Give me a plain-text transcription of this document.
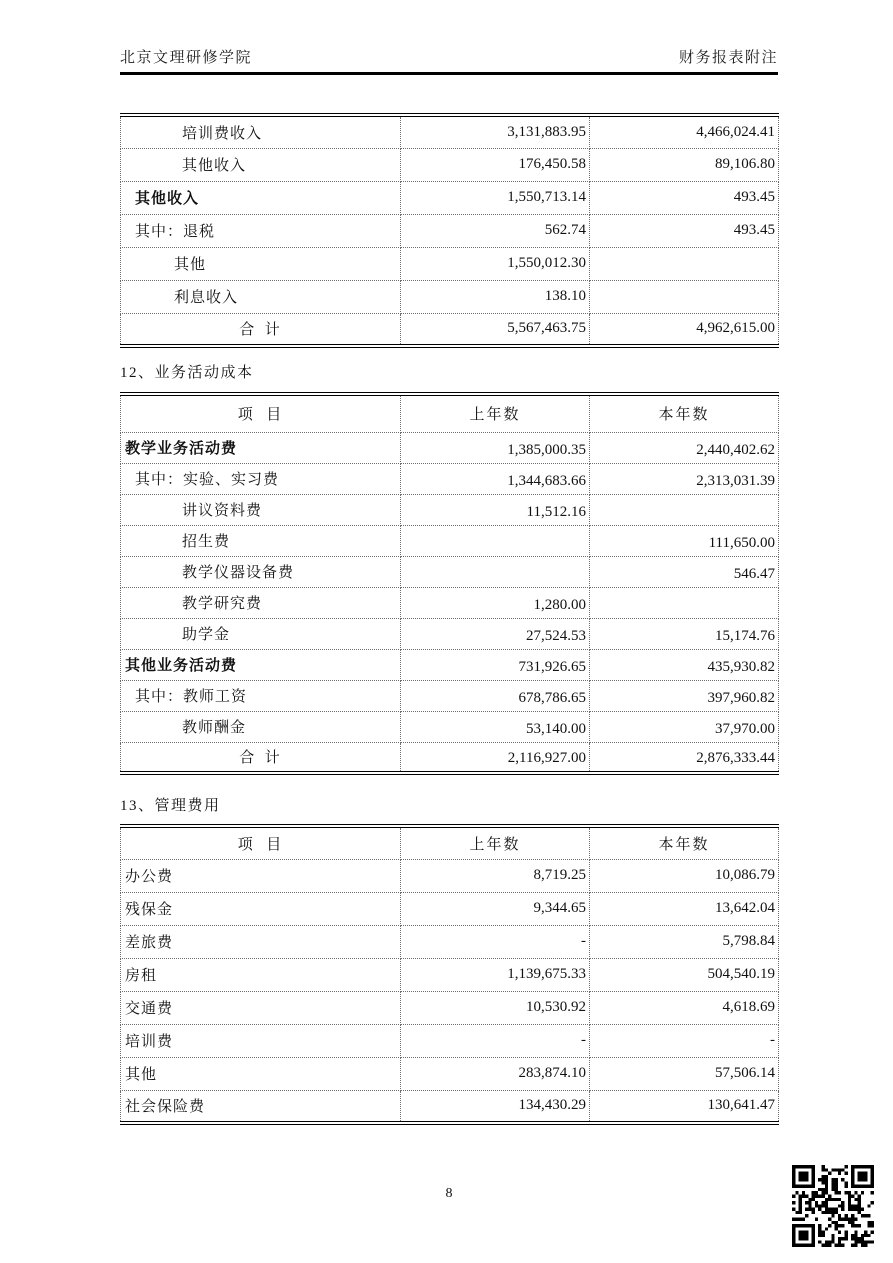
北京文理研修学院	财务报表附注
培训费收入	3,131,883.95	4,466,024.41
其他收入	176,450.58	89,106.80
其他收入	1,550,713.14	493.45
其中：退税	562.74	493.45
其他	1,550,012.30	
利息收入	138.10	
合  计	5,567,463.75	4,962,615.00
12、业务活动成本
项  目	上年数	本年数
教学业务活动费	1,385,000.35	2,440,402.62
其中：实验、实习费	1,344,683.66	2,313,031.39
讲议资料费	11,512.16	
招生费		111,650.00
教学仪器设备费		546.47
教学研究费	1,280.00	
助学金	27,524.53	15,174.76
其他业务活动费	731,926.65	435,930.82
其中：教师工资	678,786.65	397,960.82
教师酬金	53,140.00	37,970.00
合  计	2,116,927.00	2,876,333.44
13、管理费用
项  目	上年数	本年数
办公费	8,719.25	10,086.79
残保金	9,344.65	13,642.04
差旅费	-	5,798.84
房租	1,139,675.33	504,540.19
交通费	10,530.92	4,618.69
培训费	-	-
其他	283,874.10	57,506.14
社会保险费	134,430.29	130,641.47
8
